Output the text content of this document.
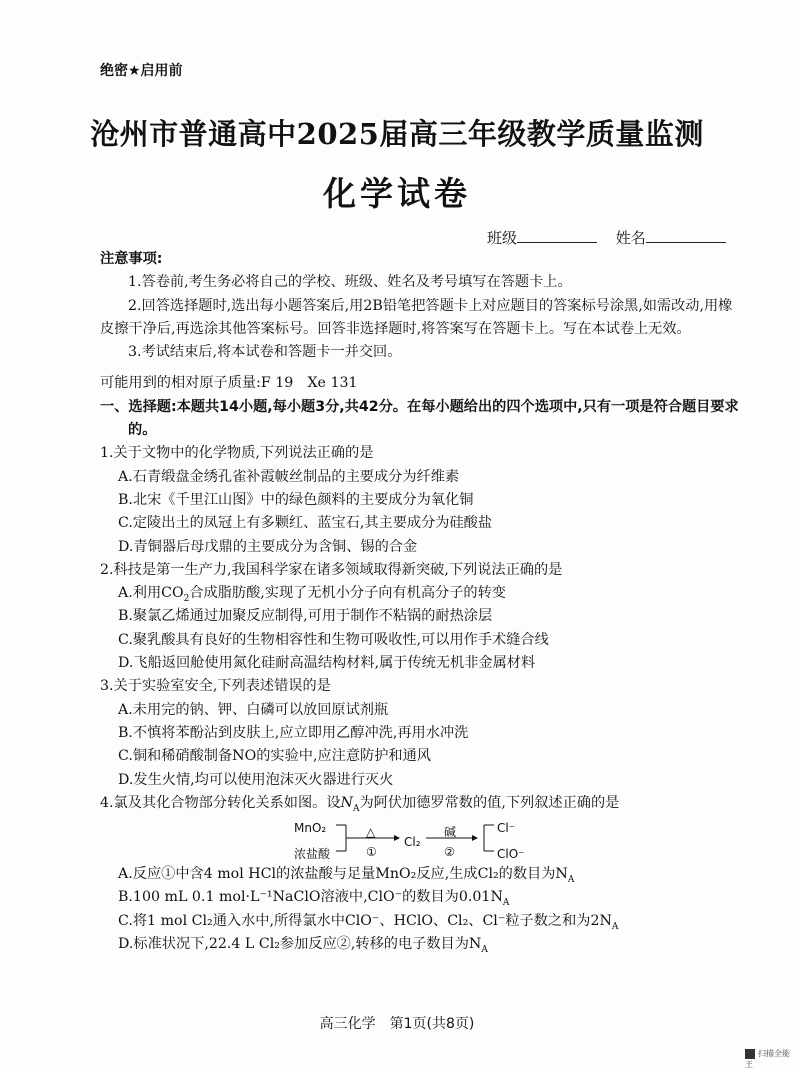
绝密★启用前
沧州市普通高中2025届高三年级教学质量监测
化学试卷
班级	姓名
注意事项:
1.答卷前,考生务必将自己的学校、班级、姓名及考号填写在答题卡上。
2.回答选择题时,选出每小题答案后,用2B铅笔把答题卡上对应题目的答案标号涂黑,如需改动,用橡皮擦干净后,再选涂其他答案标号。回答非选择题时,将答案写在答题卡上。写在本试卷上无效。
3.考试结束后,将本试卷和答题卡一并交回。
可能用到的相对原子质量:F 19　Xe 131
一、选择题:本题共14小题,每小题3分,共42分。在每小题给出的四个选项中,只有一项是符合题目要求的。
1.关于文物中的化学物质,下列说法正确的是
A.石青缎盘金绣孔雀补霞帔丝制品的主要成分为纤维素
B.北宋《千里江山图》中的绿色颜料的主要成分为氧化铜
C.定陵出土的凤冠上有多颗红、蓝宝石,其主要成分为硅酸盐
D.青铜器后母戊鼎的主要成分为含铜、锡的合金
2.科技是第一生产力,我国科学家在诸多领域取得新突破,下列说法正确的是
A.利用$CO_2$合成脂肪酸,实现了无机小分子向有机高分子的转变
B.聚氯乙烯通过加聚反应制得,可用于制作不粘锅的耐热涂层
C.聚乳酸具有良好的生物相容性和生物可吸收性,可以用作手术缝合线
D.飞船返回舱使用氮化硅耐高温结构材料,属于传统无机非金属材料
3.关于实验室安全,下列表述错误的是
A.未用完的钠、钾、白磷可以放回原试剂瓶
B.不慎将苯酚沾到皮肤上,应立即用乙醇冲洗,再用水冲洗
C.铜和稀硝酸制备NO的实验中,应注意防护和通风
D.发生火情,均可以使用泡沫灭火器进行灭火
4.氯及其化合物部分转化关系如图。设$N_A$为阿伏加德罗常数的值,下列叙述正确的是
MnO₂
浓盐酸
△
①
Cl₂
碱
②
Cl⁻
ClO⁻
A.反应①中含4 mol HCl的浓盐酸与足量MnO₂反应,生成Cl₂的数目为$N_A$
B.100 mL 0.1 mol·L⁻¹NaClO溶液中,ClO⁻的数目为$0.01N_A$
C.将1 mol Cl₂通入水中,所得氯水中ClO⁻、HClO、Cl₂、Cl⁻粒子数之和为$2N_A$
D.标准状况下,22.4 L Cl₂参加反应②,转移的电子数目为$N_A$
高三化学　第1页(共8页)
扫描全能王
